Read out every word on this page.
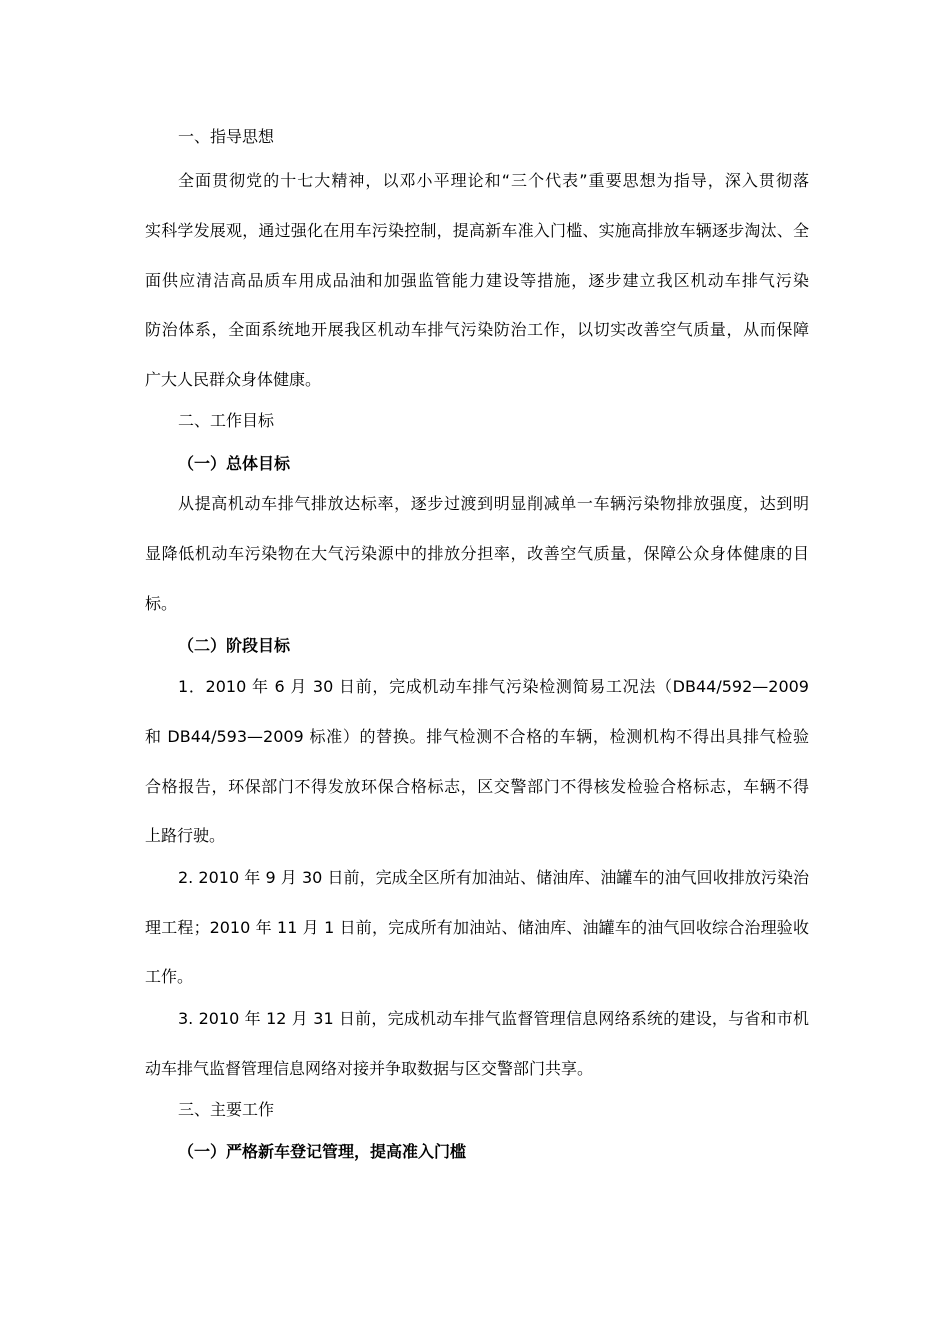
一、指导思想
全面贯彻党的十七大精神，以邓小平理论和“三个代表”重要思想为指导，深入贯彻落
实科学发展观，通过强化在用车污染控制，提高新车准入门槛、实施高排放车辆逐步淘汰、全
面供应清洁高品质车用成品油和加强监管能力建设等措施，逐步建立我区机动车排气污染
防治体系，全面系统地开展我区机动车排气污染防治工作，以切实改善空气质量，从而保障
广大人民群众身体健康。
二、工作目标
（一）总体目标
从提高机动车排气排放达标率，逐步过渡到明显削减单一车辆污染物排放强度，达到明
显降低机动车污染物在大气污染源中的排放分担率，改善空气质量，保障公众身体健康的目
标。
（二）阶段目标
1．2010 年 6 月 30 日前，完成机动车排气污染检测简易工况法（DB44/592—2009
和 DB44/593—2009 标准）的替换。排气检测不合格的车辆，检测机构不得出具排气检验
合格报告，环保部门不得发放环保合格标志，区交警部门不得核发检验合格标志，车辆不得
上路行驶。
2. 2010 年 9 月 30 日前，完成全区所有加油站、储油库、油罐车的油气回收排放污染治
理工程；2010 年 11 月 1 日前，完成所有加油站、储油库、油罐车的油气回收综合治理验收
工作。
3. 2010 年 12 月 31 日前，完成机动车排气监督管理信息网络系统的建设，与省和市机
动车排气监督管理信息网络对接并争取数据与区交警部门共享。
三、主要工作
（一）严格新车登记管理，提高准入门槛
